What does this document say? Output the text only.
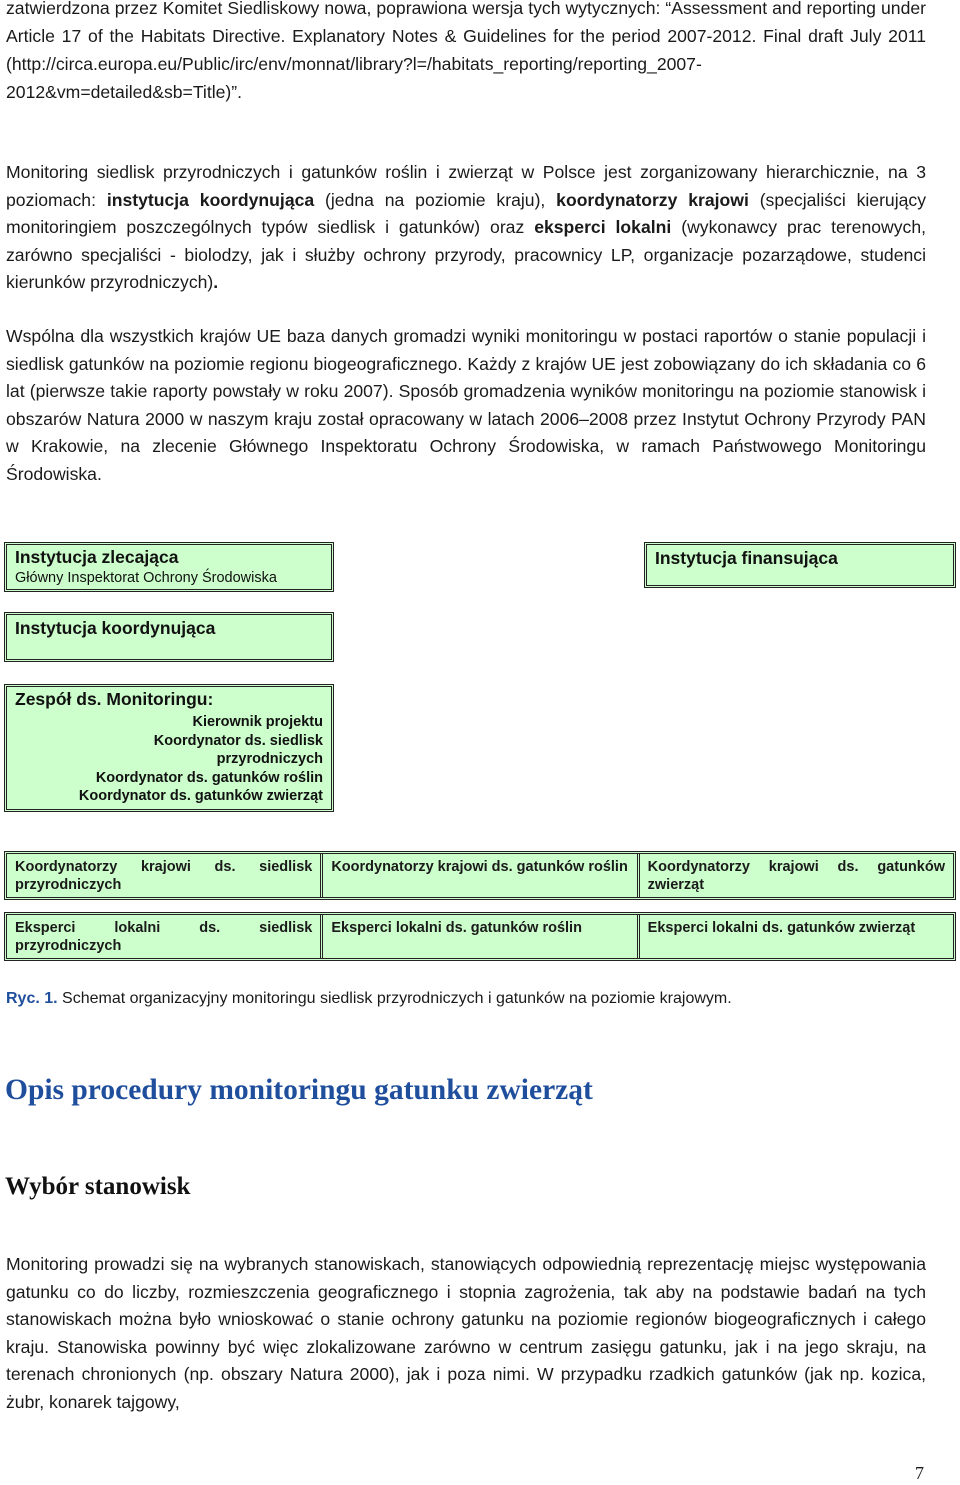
zatwierdzona przez Komitet Siedliskowy nowa, poprawiona wersja tych wytycznych: “Assessment and reporting under Article 17 of the Habitats Directive. Explanatory Notes & Guidelines for the period 2007-2012. Final draft July 2011 (http://circa.europa.eu/Public/irc/env/monnat/library?l=/habitats_reporting/reporting_2007-2012&vm=detailed&sb=Title)”.

Monitoring siedlisk przyrodniczych i gatunków roślin i zwierząt w Polsce jest zorganizowany hierarchicznie, na 3 poziomach: instytucja koordynująca (jedna na poziomie kraju), koordynatorzy krajowi (specjaliści kierujący monitoringiem poszczególnych typów siedlisk i gatunków) oraz eksperci lokalni (wykonawcy prac terenowych, zarówno specjaliści - biolodzy, jak i służby ochrony przyrody, pracownicy LP, organizacje pozarządowe, studenci kierunków przyrodniczych).

Wspólna dla wszystkich krajów UE baza danych gromadzi wyniki monitoringu w postaci raportów o stanie populacji i siedlisk gatunków na poziomie regionu biogeograficznego. Każdy z krajów UE jest zobowiązany do ich składania co 6 lat (pierwsze takie raporty powstały w roku 2007). Sposób gromadzenia wyników monitoringu na poziomie stanowisk i obszarów Natura 2000 w naszym kraju został opracowany w latach 2006–2008 przez Instytut Ochrony Przyrody PAN w Krakowie, na zlecenie Głównego Inspektoratu Ochrony Środowiska, w ramach Państwowego Monitoringu Środowiska.

Instytucja zlecająca
Główny Inspektorat Ochrony Środowiska
Instytucja finansująca
Instytucja koordynująca
Zespół ds. Monitoringu:
Kierownik projektu
Koordynator ds. siedlisk
przyrodniczych
Koordynator ds. gatunków roślin
Koordynator ds. gatunków zwierząt
Koordynatorzy krajowi ds. siedlisk przyrodniczych
Koordynatorzy krajowi ds. gatunków roślin	Koordynatorzy krajowi ds. gatunków zwierząt
Eksperci lokalni ds. siedlisk przyrodniczych
Eksperci lokalni ds. gatunków roślin	Eksperci lokalni ds. gatunków zwierząt
Ryc. 1. Schemat organizacyjny monitoringu siedlisk przyrodniczych i gatunków na poziomie krajowym.
Opis procedury monitoringu gatunku zwierząt
Wybór stanowisk

Monitoring prowadzi się na wybranych stanowiskach, stanowiących odpowiednią reprezentację miejsc występowania gatunku co do liczby, rozmieszczenia geograficznego i stopnia zagrożenia, tak aby na podstawie badań na tych stanowiskach można było wnioskować o stanie ochrony gatunku na poziomie regionów biogeograficznych i całego kraju. Stanowiska powinny być więc zlokalizowane zarówno w centrum zasięgu gatunku, jak i na jego skraju, na terenach chronionych (np. obszary Natura 2000), jak i poza nimi. W przypadku rzadkich gatunków (jak np. kozica, żubr, konarek tajgowy,

7
